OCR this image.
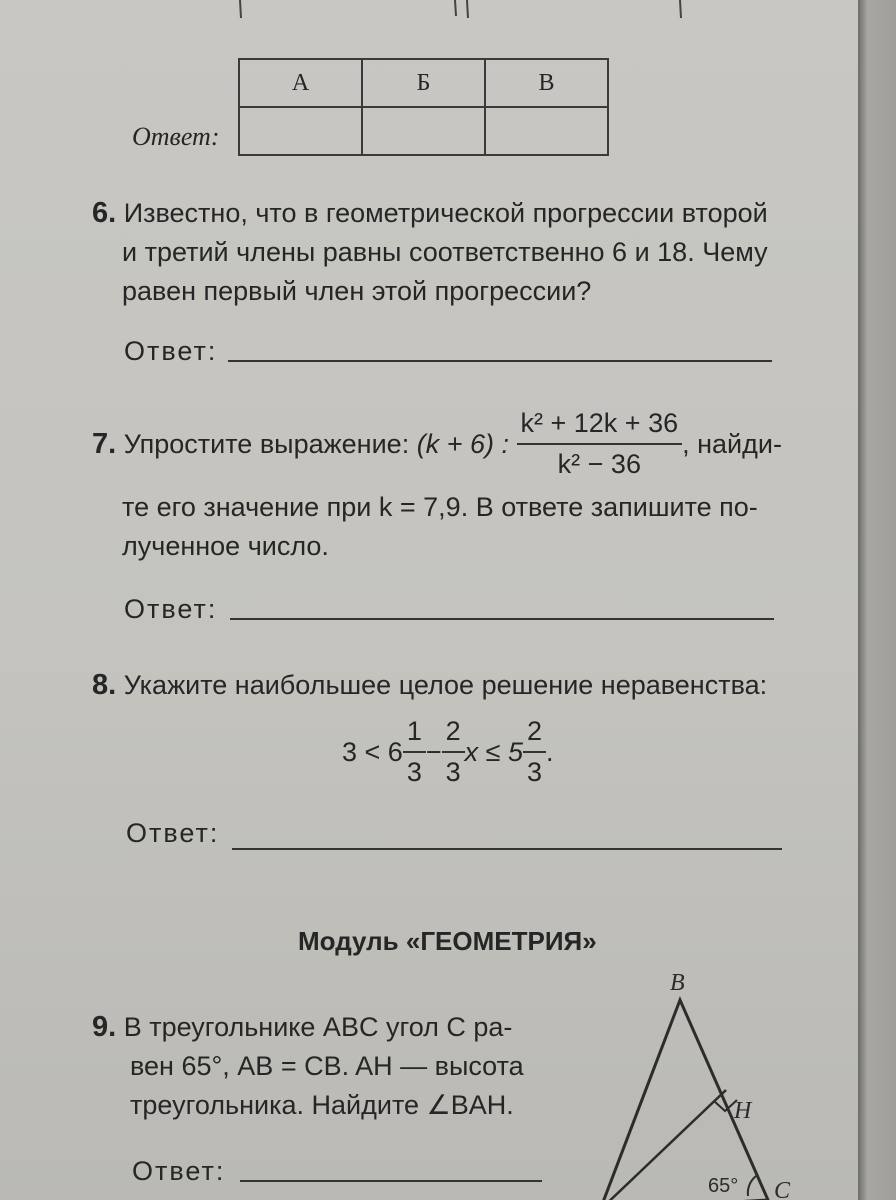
А	Б	В

Ответ:
6. Известно, что в геометрической прогрессии второй
и третий члены равны соответственно 6 и 18. Чему
равен первый член этой прогрессии?
Ответ:
7.
Упростите выражение:
(k + 6) :
$\frac{\text{k² + 12k + 36}}{\text{k² − 36}}$ , найди-
те его значение при k = 7,9. В ответе запишите по-
лученное число.
Ответ:
8. Укажите наибольшее целое решение неравенства:
$3 < 6 \frac{1}{3} - \frac{2}{3}$ $x \le 5 \frac{2}{3}$ .
Ответ:
Модуль «ГЕОМЕТРИЯ»
9. В треугольнике ABC угол C ра-
вен 65°, AB = CB. AH — высота
треугольника. Найдите ∠BAH.
Ответ:
B
H
C
65°
